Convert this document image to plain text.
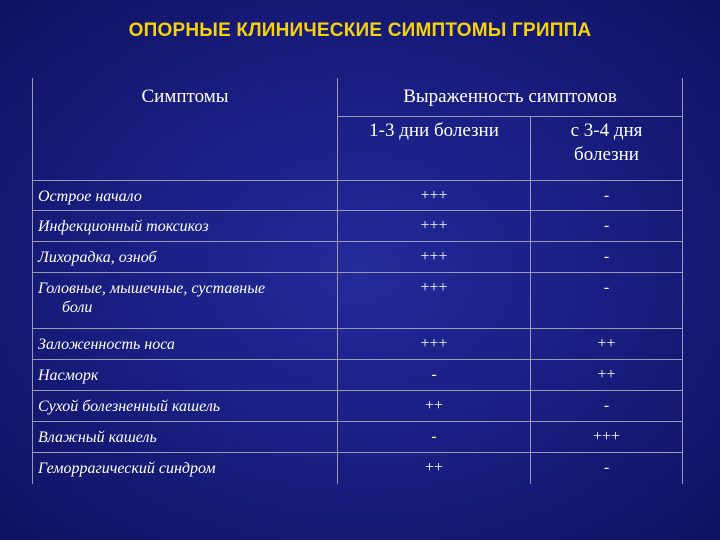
ОПОРНЫЕ КЛИНИЧЕСКИЕ СИМПТОМЫ ГРИППА
Симптомы	Выраженность симптомов	
	1-3 дни болезни	с 3-4 дня
болезни

Острое начало	+++	-
Инфекционный токсикоз	+++	-
Лихорадка, озноб	+++	-

Головные, мышечные, суставные
боли	+++	-
Заложенность носа	+++	++
Насморк	-	++
Сухой болезненный кашель	++	-
Влажный кашель	-	+++
Геморрагический синдром	++	-
